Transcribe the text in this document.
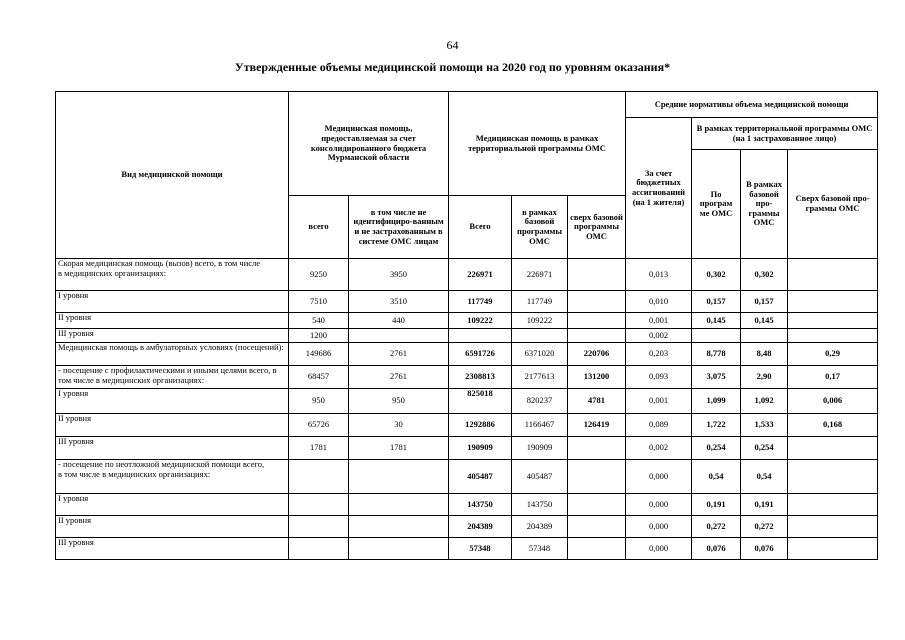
64
Утвержденные объемы медицинской помощи на 2020 год по уровням оказания*
Вид медицинской помощи	Медицинская помощь, предоставляемая за счет консолидированного бюджета Мурманской области		Медицинская помощь в рамках территориальной программы ОМС			Средние нормативы объема медицинской помощи			
						За счет бюджетных ассигнований (на 1 жителя)	В рамках территориальной программы ОМС (на 1 застрахованное лицо)		
							По програм ме ОМС	В рамках базовой про-граммы ОМС	Сверх базовой про-граммы ОМС
	всего	в том числе не идентифициро-ванным и не застрахованным в системе ОМС лицам	Всего	в рамках базовой программы ОМС	сверх базовой программы ОМС				
Скорая медицинская помощь (вызов) всего, в том числе
в медицинских организациях:	9250	3950	226971	226971		0,013	0,302	0,302	
I уровня	7510	3510	117749	117749		0,010	0,157	0,157	
II уровня	540	440	109222	109222		0,001	0,145	0,145	
III уровня	1200					0,002			
Медицинская помощь в амбулаторных условиях (посещений):	149686	2761	6591726	6371020	220706	0,203	8,778	8,48	0,29
- посещение с профилактическими и иными целями всего, в том числе в медицинских организациях:	68457	2761	2308813	2177613	131200	0,093	3,075	2,90	0,17
I уровня	950	950	825018	820237	4781	0,001	1,099	1,092	0,006
II уровня	65726	30	1292886	1166467	126419	0,089	1,722	1,533	0,168
III уровня	1781	1781	190909	190909		0,002	0,254	0,254	
- посещение по неотложной медицинской помощи всего,
в том числе в медицинских организациях:			405487	405487		0,000	0,54	0,54	
I уровня			143750	143750		0,000	0,191	0,191	
II уровня			204389	204389		0,000	0,272	0,272	
III уровня			57348	57348		0,000	0,076	0,076	
